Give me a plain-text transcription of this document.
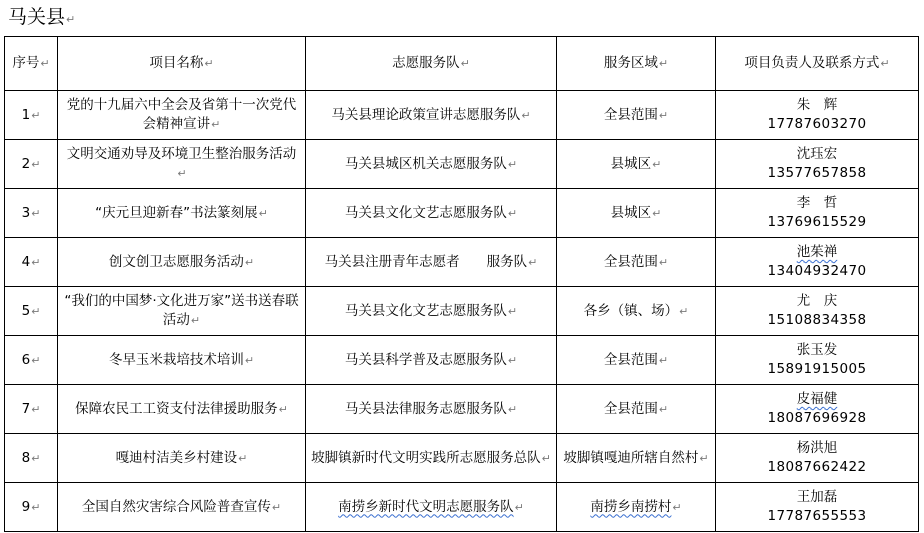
马关县↵
序号↵	项目名称↵	志愿服务队↵	服务区域↵	项目负责人及联系方式↵
1↵	党的十九届六中全会及省第十一次党代会精神宣讲↵	马关县理论政策宣讲志愿服务队↵	全县范围↵	朱　辉
17787603270

2↵	文明交通劝导及环境卫生整治服务活动↵	马关县城区机关志愿服务队↵	县城区↵	沈珏宏
13577657858

3↵	“庆元旦迎新春”书法篆刻展↵	马关县文化文艺志愿服务队↵	县城区↵	李　哲
13769615529

4↵	创文创卫志愿服务活动↵	马关县注册青年志愿者　　服务队↵	全县范围↵	池茱禅
13404932470

5↵	“我们的中国梦·文化进万家”送书送春联活动↵	马关县文化文艺志愿服务队↵	各乡（镇、场）↵	尤　庆
15108834358

6↵	冬早玉米栽培技术培训↵	马关县科学普及志愿服务队↵	全县范围↵	张玉发
15891915005

7↵	保障农民工工资支付法律援助服务↵	马关县法律服务志愿服务队↵	全县范围↵	皮福健
18087696928

8↵	嘎迪村洁美乡村建设↵	坡脚镇新时代文明实践所志愿服务总队↵	坡脚镇嘎迪所辖自然村↵	杨洪旭
18087662422

9↵	全国自然灾害综合风险普查宣传↵	南捞乡新时代文明志愿服务队↵	南捞乡南捞村↵	王加磊
17787655553
